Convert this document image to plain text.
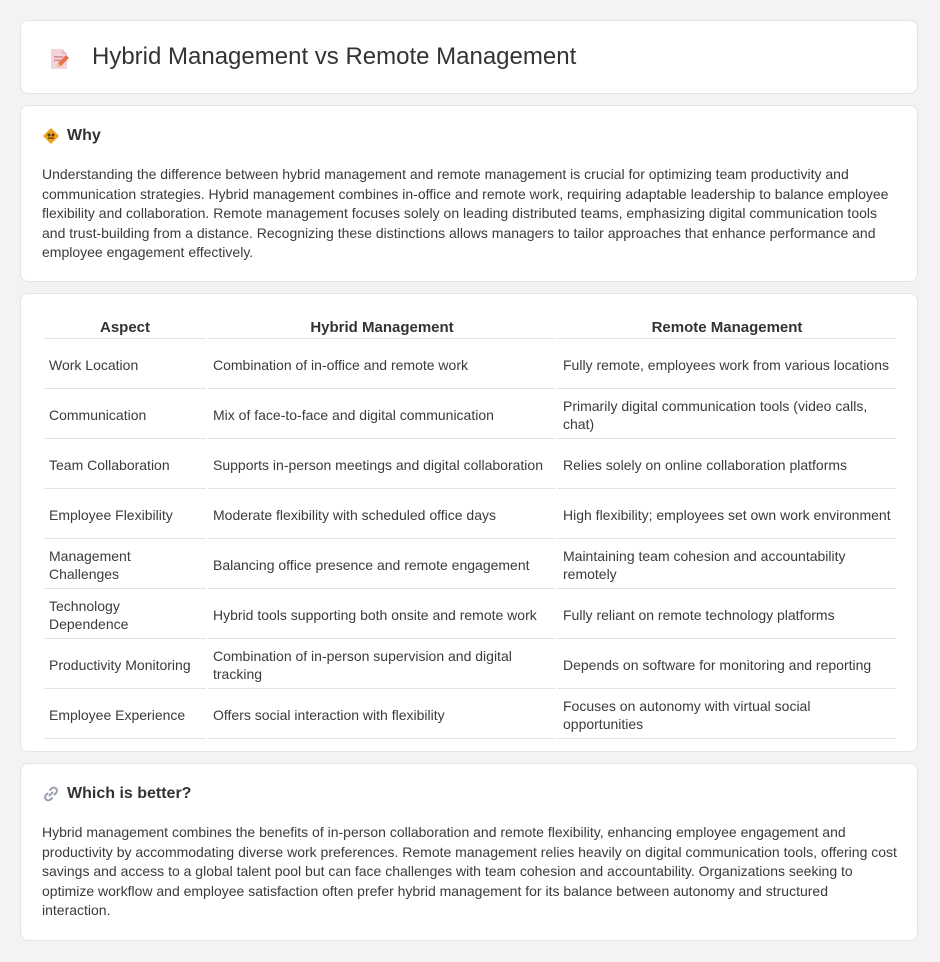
Hybrid Management vs Remote Management
Why

Understanding the difference between hybrid management and remote management is crucial for optimizing team productivity and communication strategies. Hybrid management combines in-office and remote work, requiring adaptable leadership to balance employee flexibility and collaboration. Remote management focuses solely on leading distributed teams, emphasizing digital communication tools and trust-building from a distance. Recognizing these distinctions allows managers to tailor approaches that enhance performance and employee engagement effectively.

Aspect	Hybrid Management	Remote Management
Work Location	Combination of in-office and remote work	Fully remote, employees work from various locations
Communication	Mix of face-to-face and digital communication	Primarily digital communication tools (video calls, chat)
Team Collaboration	Supports in-person meetings and digital collaboration	Relies solely on online collaboration platforms
Employee Flexibility	Moderate flexibility with scheduled office days	High flexibility; employees set own work environment
Management Challenges	Balancing office presence and remote engagement	Maintaining team cohesion and accountability remotely
Technology Dependence	Hybrid tools supporting both onsite and remote work	Fully reliant on remote technology platforms
Productivity Monitoring	Combination of in-person supervision and digital tracking	Depends on software for monitoring and reporting
Employee Experience	Offers social interaction with flexibility	Focuses on autonomy with virtual social opportunities
Which is better?

Hybrid management combines the benefits of in-person collaboration and remote flexibility, enhancing employee engagement and productivity by accommodating diverse work preferences. Remote management relies heavily on digital communication tools, offering cost savings and access to a global talent pool but can face challenges with team cohesion and accountability. Organizations seeking to optimize workflow and employee satisfaction often prefer hybrid management for its balance between autonomy and structured interaction.
